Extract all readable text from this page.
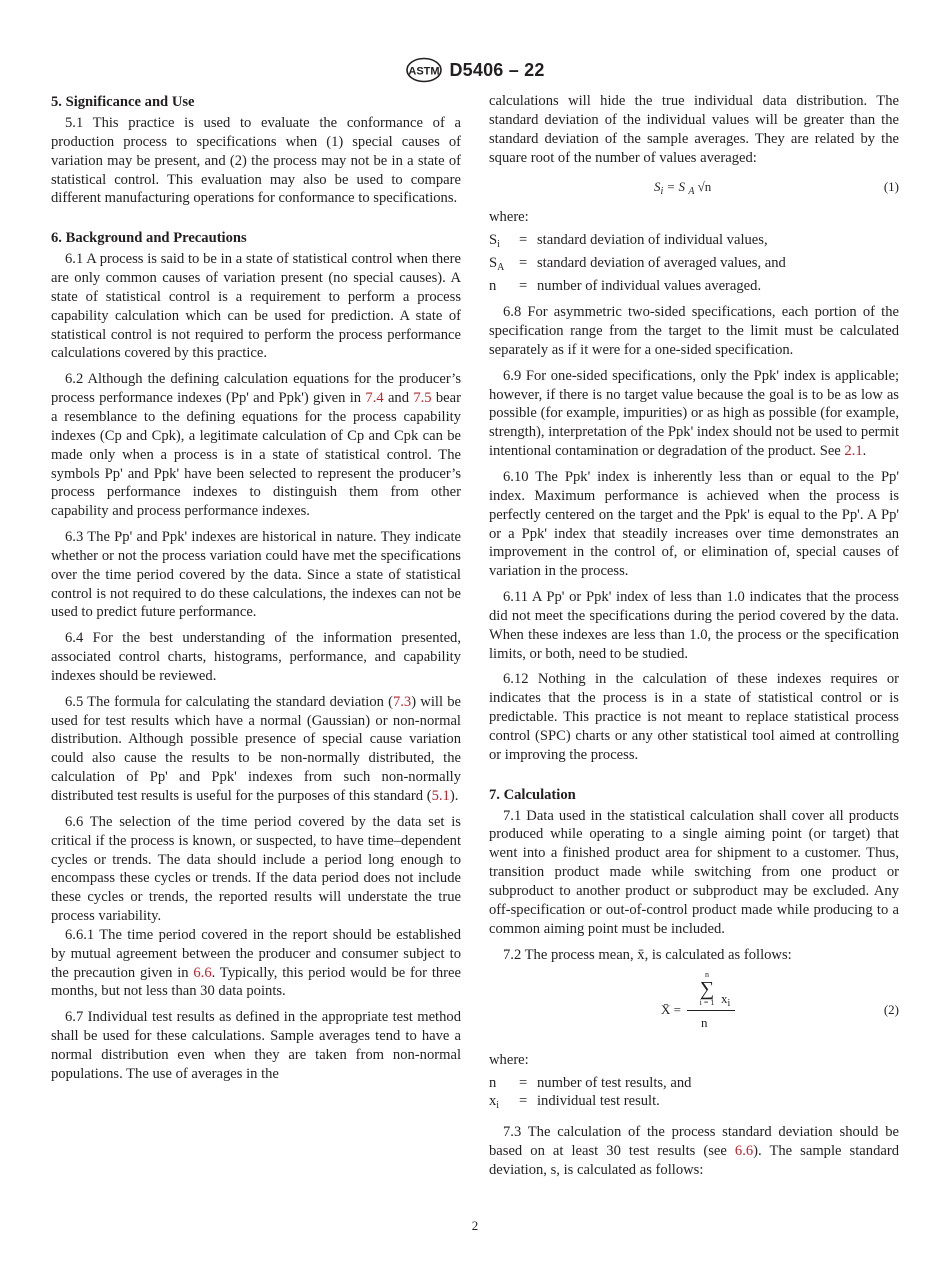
ASTM D5406 – 22
5. Significance and Use

5.1 This practice is used to evaluate the conformance of a production process to specifications when (1) special causes of variation may be present, and (2) the process may not be in a state of statistical control. This evaluation may also be used to compare different manufacturing operations for conformance to specifications.

6. Background and Precautions

6.1 A process is said to be in a state of statistical control when there are only common causes of variation present (no special causes). A state of statistical control is a requirement to perform a process capability calculation which can be used for prediction. A state of statistical control is not required to perform the process performance calculations covered by this practice.

6.2 Although the defining calculation equations for the producer’s process performance indexes (Pp' and Ppk') given in 7.4 and 7.5 bear a resemblance to the defining equations for the process capability indexes (Cp and Cpk), a legitimate calculation of Cp and Cpk can be made only when a process is in a state of statistical control. The symbols Pp' and Ppk' have been selected to represent the producer’s process performance indexes to distinguish them from other capability and process performance indexes.

6.3 The Pp' and Ppk' indexes are historical in nature. They indicate whether or not the process variation could have met the specifications over the time period covered by the data. Since a state of statistical control is not required to do these calculations, the indexes can not be used to predict future performance.

6.4 For the best understanding of the information presented, associated control charts, histograms, performance, and capability indexes should be reviewed.

6.5 The formula for calculating the standard deviation (7.3) will be used for test results which have a normal (Gaussian) or non-normal distribution. Although possible presence of special cause variation could also cause the results to be non-normally distributed, the calculation of Pp' and Ppk' indexes from such non-normally distributed test results is useful for the purposes of this standard (5.1).

6.6 The selection of the time period covered by the data set is critical if the process is known, or suspected, to have time–dependent cycles or trends. The data should include a period long enough to encompass these cycles or trends. If the data period does not include these cycles or trends, the reported results will understate the true process variability.

6.6.1 The time period covered in the report should be established by mutual agreement between the producer and consumer subject to the precaution given in 6.6. Typically, this period would be for three months, but not less than 30 data points.

6.7 Individual test results as defined in the appropriate test method shall be used for these calculations. Sample averages tend to have a normal distribution even when they are taken from non-normal populations. The use of averages in the

calculations will hide the true individual data distribution. The standard deviation of the individual values will be greater than the standard deviation of the sample averages. They are related by the square root of the number of values averaged:

$S_i = S$ $_A$ √n	(1)
where:
$S_i$	= standard deviation of individual values,
$S_A$	= standard deviation of averaged values, and
n	= number of individual values averaged.

6.8 For asymmetric two-sided specifications, each portion of the specification range from the target to the limit must be calculated separately as if it were for a one-sided specification.

6.9 For one-sided specifications, only the Ppk' index is applicable; however, if there is no target value because the goal is to be as low as possible (for example, impurities) or as high as possible (for example, strength), interpretation of the Ppk' index should not be used to permit intentional contamination or degradation of the product. See 2.1.

6.10 The Ppk' index is inherently less than or equal to the Pp' index. Maximum performance is achieved when the process is perfectly centered on the target and the Ppk' is equal to the Pp'. A Pp' or a Ppk' index that steadily increases over time demonstrates an improvement in the control of, or elimination of, special causes of variation in the process.

6.11 A Pp' or Ppk' index of less than 1.0 indicates that the process did not meet the specifications during the period covered by the data. When these indexes are less than 1.0, the process or the specification limits, or both, need to be studied.

6.12 Nothing in the calculation of these indexes requires or indicates that the process is in a state of statistical control or is predictable. This practice is not meant to replace statistical process control (SPC) charts or any other statistical tool aimed at controlling or improving the process.

7. Calculation

7.1 Data used in the statistical calculation shall cover all products produced while operating to a single aiming point (or target) that went into a finished product area for shipment to a customer. Thus, transition product made while switching from one product or subproduct to another product or subproduct may be excluded. Any off-specification or out-of-control product made while producing to a common aiming point must be included.

7.2 The process mean, x̄, is calculated as follows:

X̄ =
n
∑
i = 1 $x_i$
n
(2)
where:
n	= number of test results, and
$x_i$	= individual test result.

7.3 The calculation of the process standard deviation should be based on at least 30 test results (see 6.6). The sample standard deviation, s, is calculated as follows:

2
